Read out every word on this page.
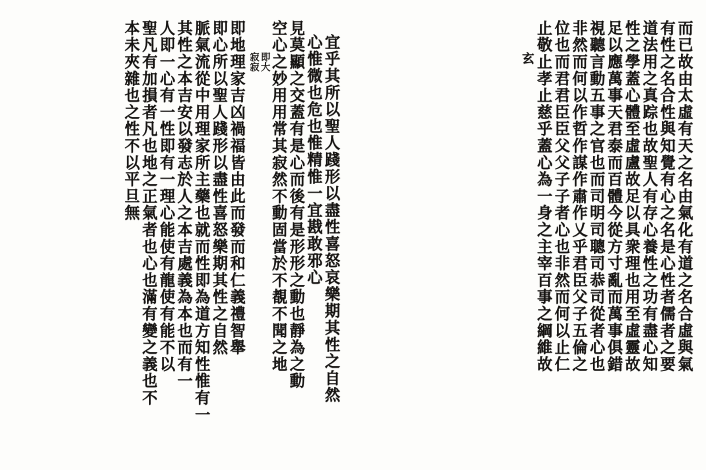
而已故由太虛有天之名由氣化有道之名合虛與氣
有性之名合性與知覺有心之名是心性者儒者之要
道法用之真踪也故聖人有存心養性之功有盡心知
性之學蓋心體至虛盧故足以具衆理也用至虛靈故
足以應萬事天君泰而百體今從方寸亂而萬事俱錯
視聽言動五事之官也而司明司聰司恭司從者心也
非然而何以作哲作謀作肅作乂乎君臣父子五倫之
位也而君君臣臣父父子子者心也非然而何以止仁
止敬止孝止慈乎蓋心為一身之主宰百事之綱維故
玄
宜乎其所以聖人踐形以盡性喜怒哀樂期其性之自然
心惟微也危也惟精惟一宜戡敢邪心
見莫顯之交蓋有是心而後有是形形之動也靜為之動
空心之妙用用常其寂然不動固當於不覩不聞之地
即大
寂寂
即地理家吉凶禍福皆由此而發而和仁義禮智舉
即心所以聖人踐形以盡性喜怒樂期其性之自然
脈氣流從中用理家所主藥也就而性即為道方知性惟有一
其性之本吉安以發志於人之本吉處義為本也而有一
人即一心有一性即有一理心能使有龍使有能不以
聖凡有加損者凡也地之正氣者也心也滿有變之義也不
本未夾雜也之性不以平旦無
